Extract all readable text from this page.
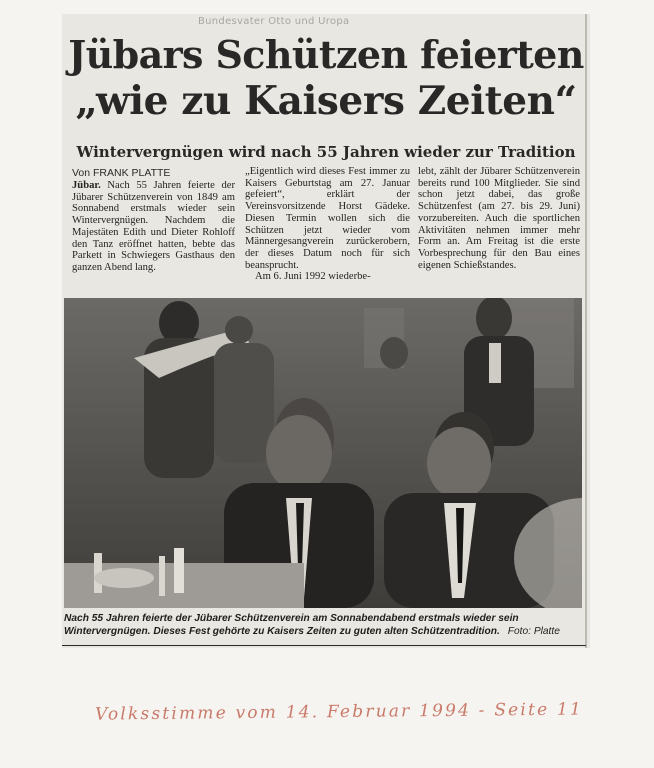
Bundesvater Otto und Uropa
Jübars Schützen feierten
„wie zu Kaisers Zeiten“
Wintervergnügen wird nach 55 Jahren wieder zur Tradition
Von FRANK PLATTE

Jübar. Nach 55 Jahren feierte der Jübarer Schützenverein von 1849 am Sonnabend erstmals wieder sein Wintervergnügen. Nachdem die Majestäten Edith und Dieter Rohloff den Tanz eröffnet hatten, bebte das Parkett in Schwiegers Gasthaus den ganzen Abend lang.

„Eigentlich wird dieses Fest immer zu Kaisers Geburtstag am 27. Januar gefeiert“, erklärt der Vereinsvorsitzende Horst Gädeke. Diesen Termin wollen sich die Schützen jetzt wieder vom Männergesangverein zurückerobern, der dieses Datum noch für sich beansprucht.

Am 6. Juni 1992 wiederbe-

lebt, zählt der Jübarer Schützenverein bereits rund 100 Mitglieder. Sie sind schon jetzt dabei, das große Schützenfest (am 27. bis 29. Juni) vorzubereiten. Auch die sportlichen Aktivitäten nehmen immer mehr Form an. Am Freitag ist die erste Vorbesprechung für den Bau eines eigenen Schießstandes.

Nach 55 Jahren feierte der Jübarer Schützenverein am Sonnabendabend erstmals wieder sein Wintervergnügen. Dieses Fest gehörte zu Kaisers Zeiten zu guten alten Schützentradition. Foto: Platte
Volksstimme vom 14. Februar 1994 - Seite 11
